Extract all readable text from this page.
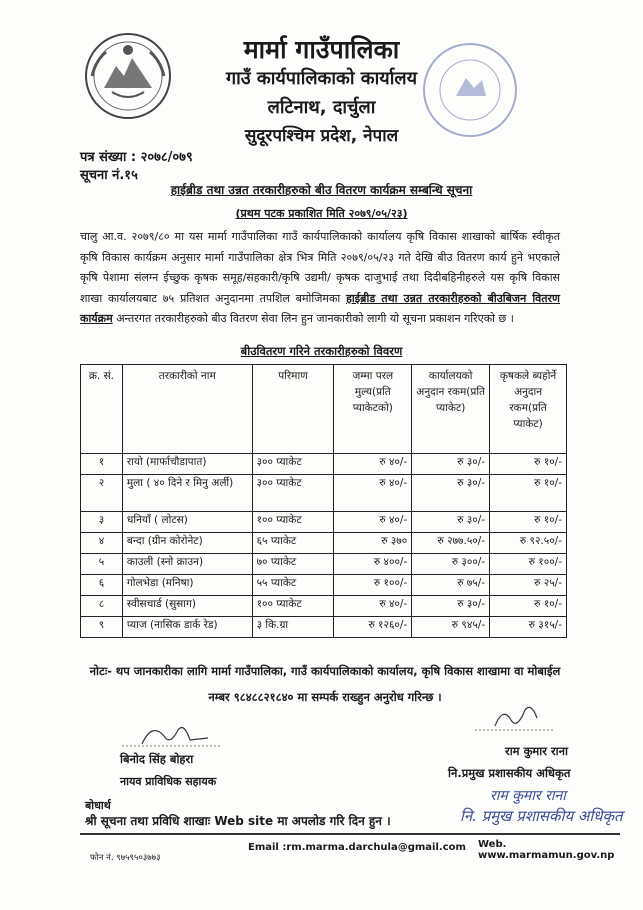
मार्मा गाउँपालिका
गाउँ कार्यपालिकाको कार्यालय
लटिनाथ, दार्चुला
सुदूरपश्चिम प्रदेश, नेपाल
पत्र संख्या : २०७८/०७९
सूचना नं.१५
हाईब्रीड तथा उन्नत तरकारीहरुको बीउ वितरण कार्यक्रम सम्बन्धि सूचना
(प्रथम पटक प्रकाशित मिति २०७९/०५/२३)
चालु आ.व. २०७९/८० मा यस मार्मा गाउँपालिका गाउँ कार्यपालिकाको कार्यालय कृषि विकास शाखाको बार्षिक स्वीकृत कृषि विकास कार्यक्रम अनुसार मार्मा गाउँपालिका क्षेत्र भित्र मिति २०७९/०५/२३ गते देखि बीउ वितरण कार्य हुने भएकाले कृषि पेशामा संलग्न ईच्छुक कृषक समूह/सहकारी/कृषि उद्यमी/ कृषक दाजुभाई तथा दिदीबहिनीहरुले यस कृषि विकास शाखा कार्यालयबाट ७५ प्रतिशत अनुदानमा तपशिल बमोजिमका हाईब्रीड तथा उन्नत तरकारीहरुको बीउबिजन वितरण कार्यक्रम अन्तरगत तरकारीहरुको बीउ वितरण सेवा लिन हुन जानकारीको लागी यो सूचना प्रकाशन गरिएको छ ।
बीउवितरण गरिने तरकारीहरुको विवरण
क्र. सं.	तरकारीको नाम	परिमाण	जम्मा परल मुल्य(प्रति प्याकेटको)	कार्यालयको अनुदान रकम(प्रति प्याकेट)	कृषकले ब्यहोर्ने अनुदान रकम(प्रति प्याकेट)
१	रायो (मार्फाचौडापात)	३०० प्याकेट	रु ४०/-	रु ३०/-	रु १०/-
२	मुला ( ४० दिने र मिनु अर्ली)	३०० प्याकेट	रु ४०/-	रु ३०/-	रु १०/-
३	धनियाँ ( लोटस)	१०० प्याकेट	रु ४०/-	रु ३०/-	रु १०/-
४	बन्दा (ग्रीन कोरोनेट)	६५ प्याकेट	रु ३७०	रु २७७.५०/-	रु ९२.५०/-
५	काउली (स्नो क्राउन)	७० प्याकेट	रु ४००/-	रु ३००/-	रु १००/-
६	गोलभेडा (मनिषा)	५५ प्याकेट	रु १००/-	रु ७५/-	रु २५/-
८	स्वीसचार्ड (सुसाग)	१०० प्याकेट	रु ४०/-	रु ३०/-	रु १०/-
९	प्याज (नासिक डार्क रेड)	३ कि.ग्रा	रु १२६०/-	रु ९४५/-	रु ३१५/-
नोटः- थप जानकारीका लागि मार्मा गाउँपालिका, गाउँ कार्यपालिकाको कार्यालय, कृषि विकास शाखामा वा मोबाईल नम्बर ९८४८८२१८४० मा सम्पर्क राख्हुन अनुरोध गरिन्छ ।
बिनोद सिंह बोहरा
नायव प्राविधिक सहायक
राम कुमार राना
नि.प्रमुख प्रशासकीय अधिकृत
राम कुमार राना
नि. प्रमुख प्रशासकीय अधिकृत
बोधार्थ
श्री सूचना तथा प्रविधि शाखाः Web site मा अपलोड गरि दिन हुन ।
फोन नं. ९७५९५०३७७३
Email :rm.marma.darchula@gmail.com Web. www.marmamun.gov.np
